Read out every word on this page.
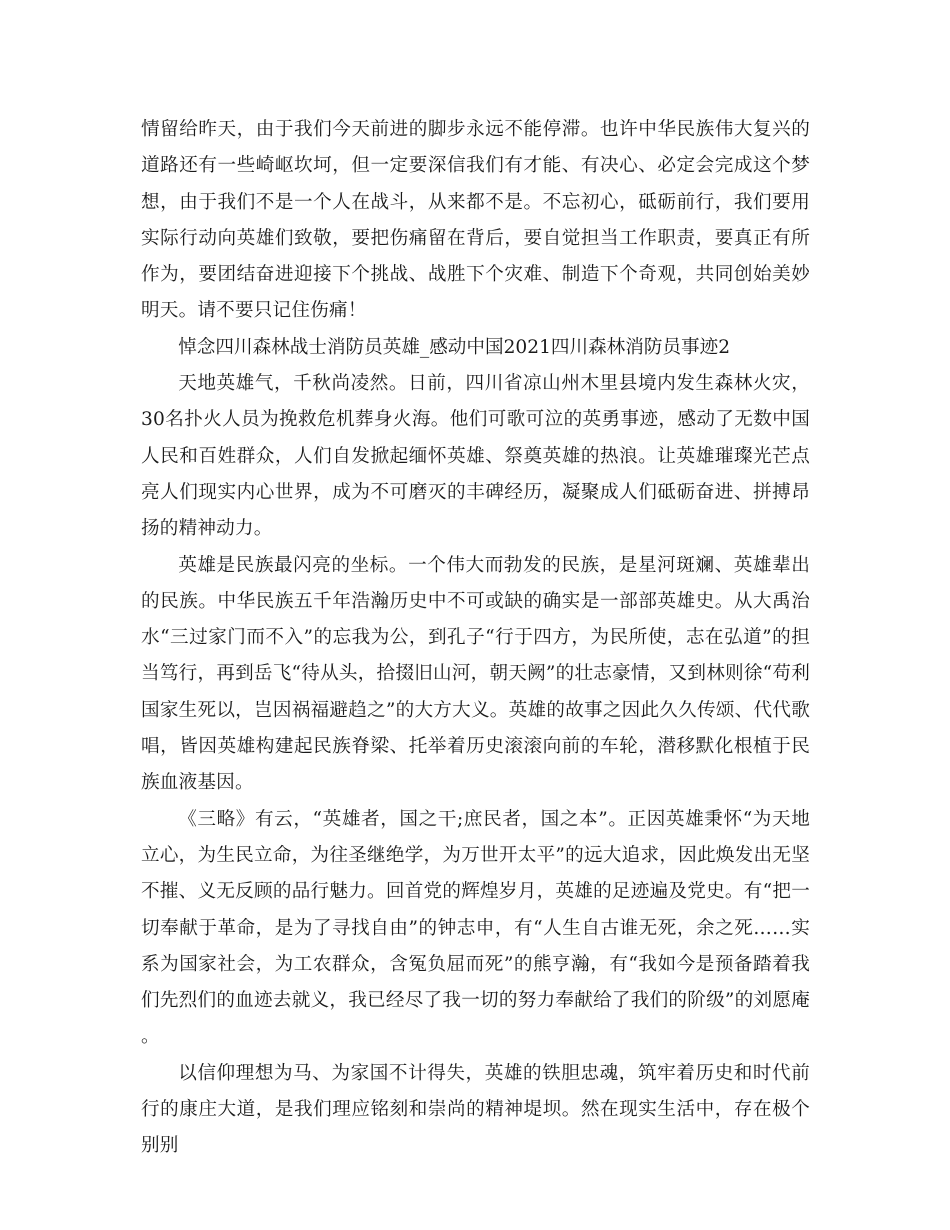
情留给昨天，由于我们今天前进的脚步永远不能停滞。也许中华民族伟大复兴的道路还有一些崎岖坎坷，但一定要深信我们有才能、有决心、必定会完成这个梦想，由于我们不是一个人在战斗，从来都不是。不忘初心，砥砺前行，我们要用实际行动向英雄们致敬，要把伤痛留在背后，要自觉担当工作职责，要真正有所作为，要团结奋进迎接下个挑战、战胜下个灾难、制造下个奇观，共同创始美妙明天。请不要只记住伤痛！

悼念四川森林战士消防员英雄_感动中国2021四川森林消防员事迹2

天地英雄气，千秋尚凌然。日前，四川省凉山州木里县境内发生森林火灾，30名扑火人员为挽救危机葬身火海。他们可歌可泣的英勇事迹，感动了无数中国人民和百姓群众，人们自发掀起缅怀英雄、祭奠英雄的热浪。让英雄璀璨光芒点亮人们现实内心世界，成为不可磨灭的丰碑经历，凝聚成人们砥砺奋进、拼搏昂扬的精神动力。

英雄是民族最闪亮的坐标。一个伟大而勃发的民族，是星河斑斓、英雄辈出的民族。中华民族五千年浩瀚历史中不可或缺的确实是一部部英雄史。从大禹治水“三过家门而不入”的忘我为公，到孔子“行于四方，为民所使，志在弘道”的担当笃行，再到岳飞“待从头，拾掇旧山河，朝天阙”的壮志豪情，又到林则徐“苟利国家生死以，岂因祸福避趋之”的大方大义。英雄的故事之因此久久传颂、代代歌唱，皆因英雄构建起民族脊梁、托举着历史滚滚向前的车轮，潜移默化根植于民族血液基因。

《三略》有云，“英雄者，国之干;庶民者，国之本”。正因英雄秉怀“为天地立心，为生民立命，为往圣继绝学，为万世开太平”的远大追求，因此焕发出无坚不摧、义无反顾的品行魅力。回首党的辉煌岁月，英雄的足迹遍及党史。有“把一切奉献于革命，是为了寻找自由”的钟志申，有“人生自古谁无死，余之死……实系为国家社会，为工农群众，含冤负屈而死”的熊亨瀚，有“我如今是预备踏着我们先烈们的血迹去就义，我已经尽了我一切的努力奉献给了我们的阶级”的刘愿庵。

以信仰理想为马、为家国不计得失，英雄的铁胆忠魂，筑牢着历史和时代前行的康庄大道，是我们理应铭刻和崇尚的精神堤坝。然在现实生活中，存在极个别别
